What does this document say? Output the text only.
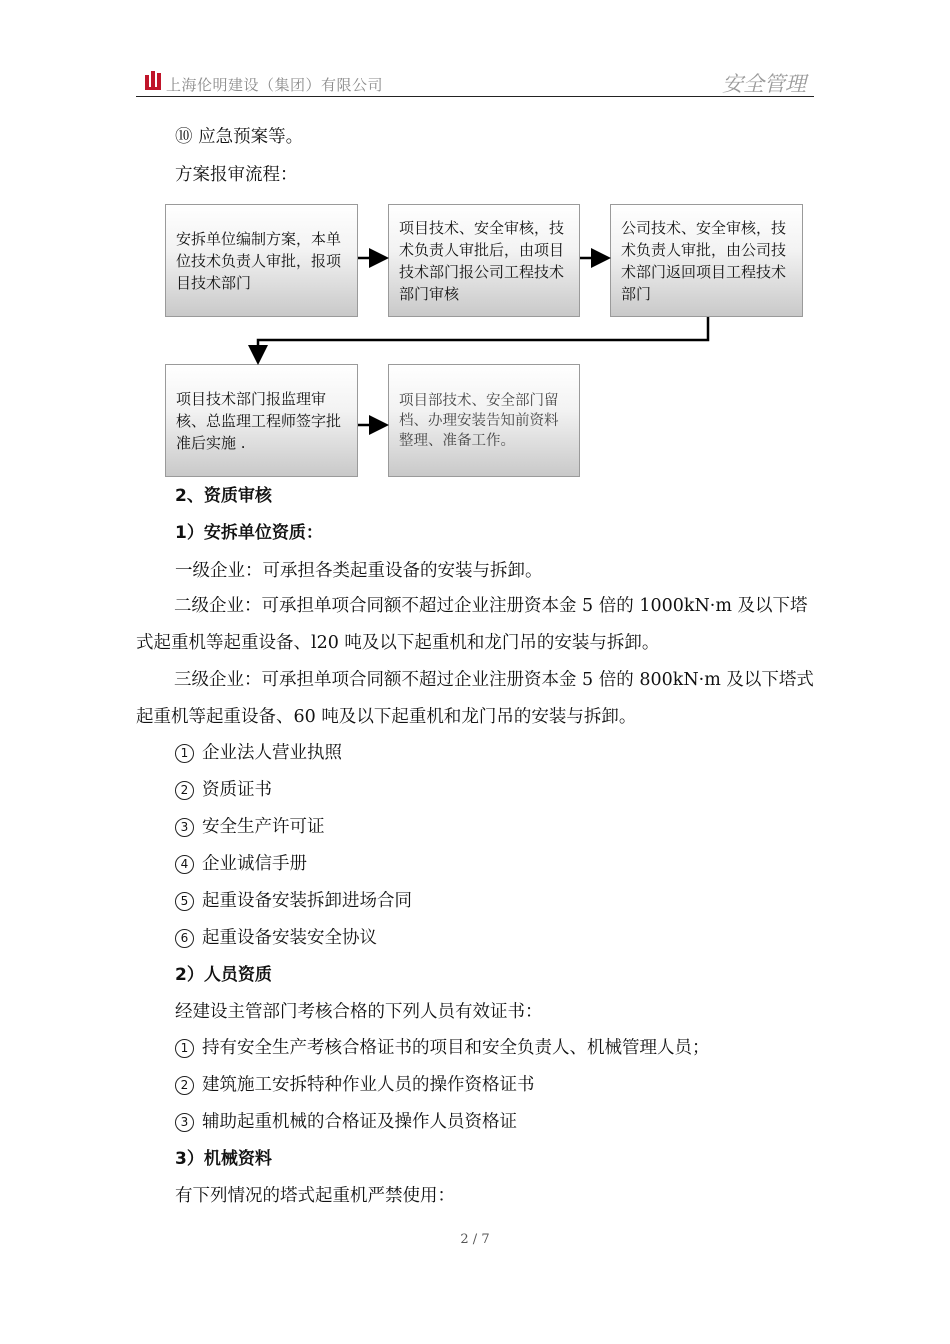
上海伦明建设（集团）有限公司	安全管理
⑩ 应急预案等。
方案报审流程：
安拆单位编制方案，本单位技术负责人审批，报项目技术部门
项目技术、安全审核，技术负责人审批后，由项目技术部门报公司工程技术部门审核
公司技术、安全审核，技术负责人审批，由公司技术部门返回项目工程技术部门
项目技术部门报监理审核、总监理工程师签字批准后实施 .
项目部技术、安全部门留档、办理安装告知前资料整理、准备工作。
2、资质审核
1）安拆单位资质：
一级企业：可承担各类起重设备的安装与拆卸。
二级企业：可承担单项合同额不超过企业注册资本金 5 倍的 1000kN·m 及以下塔式起重机等起重设备、l20 吨及以下起重机和龙门吊的安装与拆卸。
三级企业：可承担单项合同额不超过企业注册资本金 5 倍的 800kN·m 及以下塔式起重机等起重设备、60 吨及以下起重机和龙门吊的安装与拆卸。
1 企业法人营业执照
2 资质证书
3 安全生产许可证
4 企业诚信手册
5 起重设备安装拆卸进场合同
6 起重设备安装安全协议
2）人员资质
经建设主管部门考核合格的下列人员有效证书：
1 持有安全生产考核合格证书的项目和安全负责人、机械管理人员；
2 建筑施工安拆特种作业人员的操作资格证书
3 辅助起重机械的合格证及操作人员资格证
3）机械资料
有下列情况的塔式起重机严禁使用：
2 / 7
